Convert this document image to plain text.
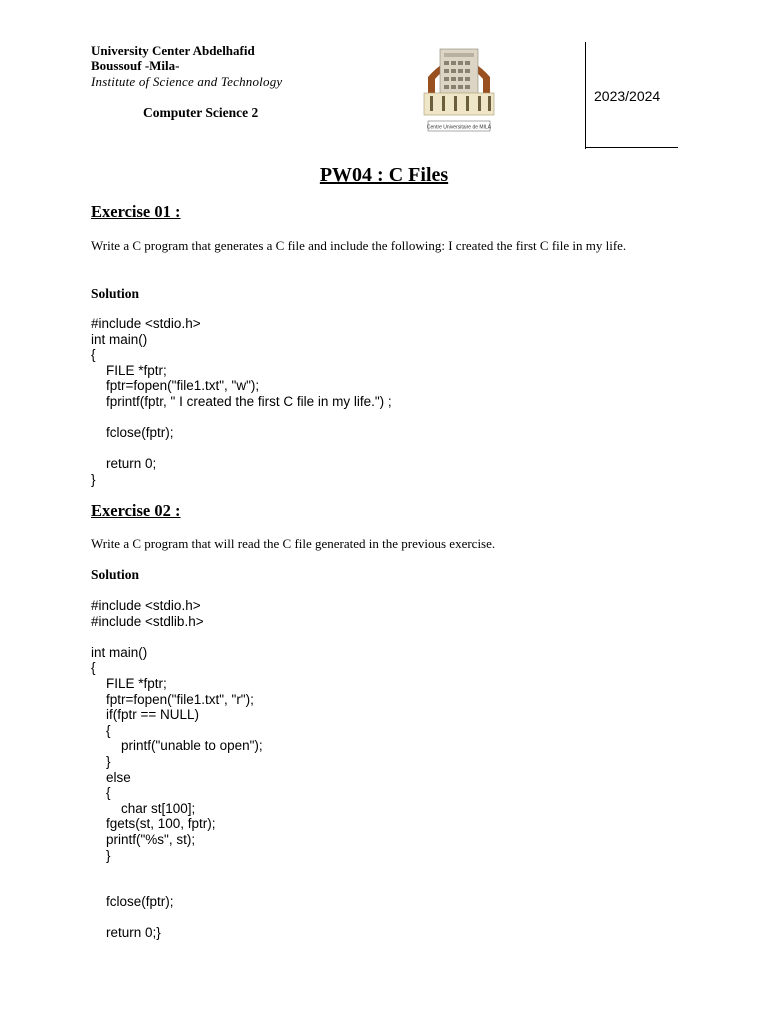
University Center Abdelhafid
Boussouf -Mila-
Institute of Science and Technology
Computer Science 2
Centre Universitaire de MILA
2023/2024
PW04 : C Files
Exercise 01 :
Write a C program that generates a C file and include the following: I created the first C file in my life.
Solution
#include <stdio.h>
int main()
{
FILE *fptr;
fptr=fopen("file1.txt", "w");
fprintf(fptr, " I created the first C file in my life.") ;

fclose(fptr);

return 0;
}
Exercise 02 :
Write a C program that will read the C file generated in the previous exercise.
Solution
#include <stdio.h>
#include <stdlib.h>

int main()
{
FILE *fptr;
fptr=fopen("file1.txt", "r");
if(fptr == NULL)
{
printf("unable to open");
}
else
{
char st[100];
fgets(st, 100, fptr);
printf("%s", st);
}

fclose(fptr);

return 0;}
